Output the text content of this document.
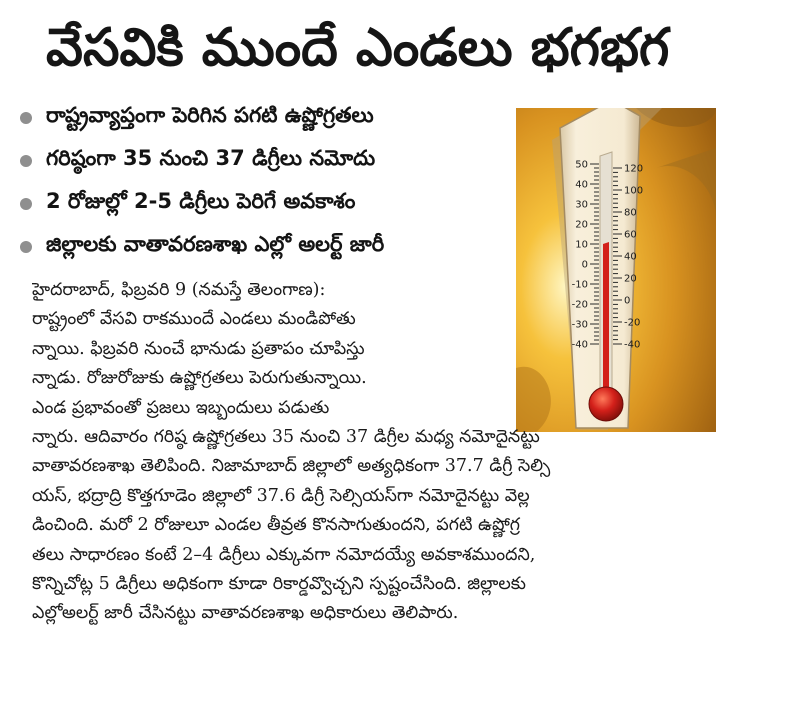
వేసవికి ముందే ఎండలు భగభగ
రాష్ట్రవ్యాప్తంగా పెరిగిన పగటి ఉష్ణోగ్రతలు
గరిష్ఠంగా 35 నుంచి 37 డిగ్రీలు నమోదు
2 రోజుల్లో 2-5 డిగ్రీలు పెరిగే అవకాశం
జిల్లాలకు వాతావరణశాఖ ఎల్లో అలర్ట్ జారీ
50
40
30
20
10
0
-10
-20
-30
-40
120
100
80
60
40
20
0
-20
-40
హైదరాబాద్, ఫిబ్రవరి 9 (నమస్తే తెలంగాణ):
రాష్ట్రంలో వేసవి రాకముందే ఎండలు మండిపోతు
న్నాయి. ఫిబ్రవరి నుంచే భానుడు ప్రతాపం చూపిస్తు
న్నాడు. రోజురోజుకు ఉష్ణోగ్రతలు పెరుగుతున్నాయి.
ఎండ ప్రభావంతో ప్రజలు ఇబ్బందులు పడుతు
న్నారు. ఆదివారం గరిష్ఠ ఉష్ణోగ్రతలు 35 నుంచి 37 డిగ్రీల మధ్య నమోదైనట్టు
వాతావరణశాఖ తెలిపింది. నిజామాబాద్ జిల్లాలో అత్యధికంగా 37.7 డిగ్రీ సెల్సి
యస్, భద్రాద్రి కొత్తగూడెం జిల్లాలో 37.6 డిగ్రీ సెల్సియస్‌గా నమోదైనట్టు వెల్ల
డించింది. మరో 2 రోజులూ ఎండల తీవ్రత కొనసాగుతుందని, పగటి ఉష్ణోగ్ర
తలు సాధారణం కంటే 2–4 డిగ్రీలు ఎక్కువగా నమోదయ్యే అవకాశముందని,
కొన్నిచోట్ల 5 డిగ్రీలు అధికంగా కూడా రికార్డవ్వొచ్చని స్పష్టంచేసింది. జిల్లాలకు
ఎల్లోఅలర్ట్ జారీ చేసినట్టు వాతావరణశాఖ అధికారులు తెలిపారు.
